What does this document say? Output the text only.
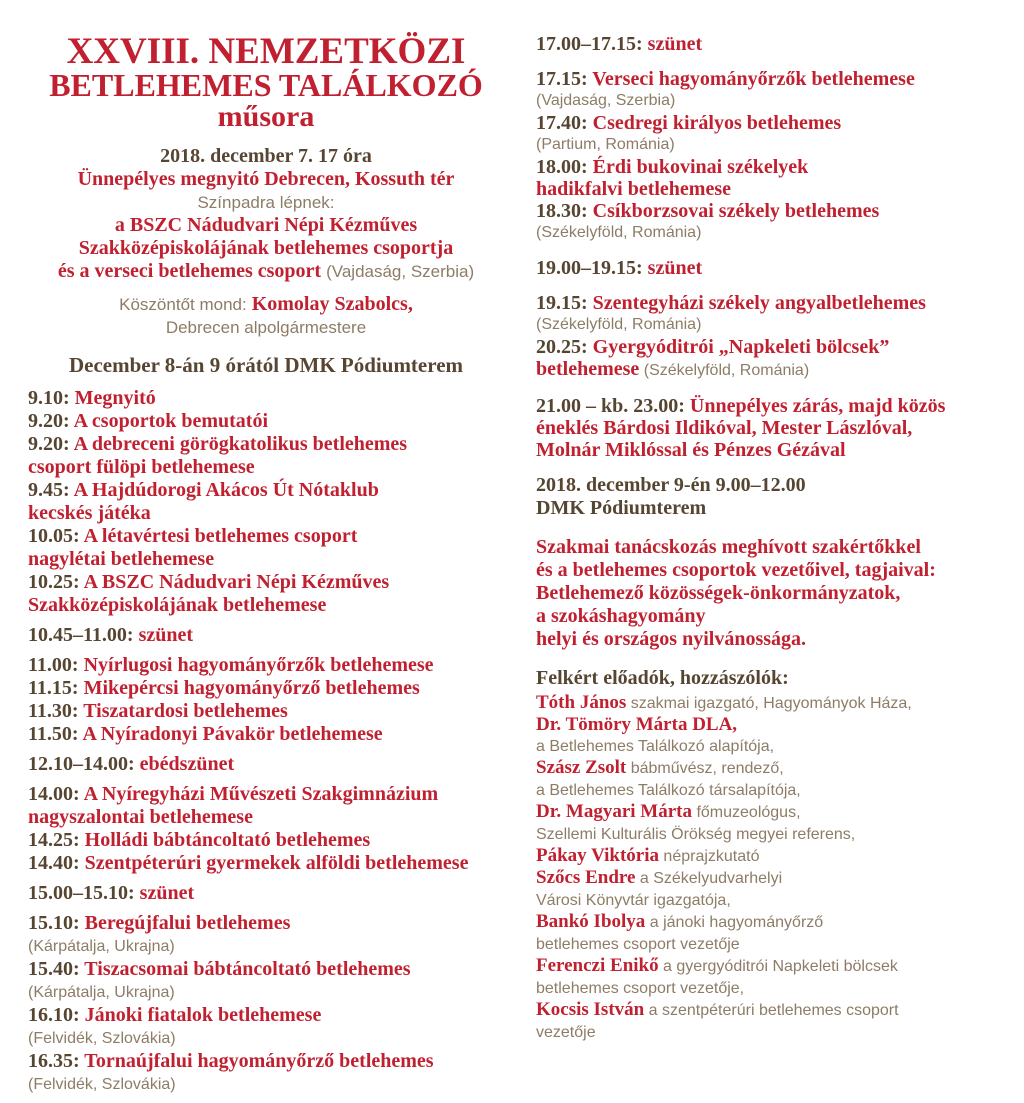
XXVIII. NEMZETKÖZI
BETLEHEMES TALÁLKOZÓ
műsora

2018. december 7. 17 óra

Ünnepélyes megnyitó Debrecen, Kossuth tér

Színpadra lépnek:

a BSZC Nádudvari Népi Kézműves

Szakközépiskolájának betlehemes csoportja

és a verseci betlehemes csoport (Vajdaság, Szerbia)

Köszöntőt mond: Komolay Szabolcs,

Debrecen alpolgármestere

December 8-án 9 órától DMK Pódiumterem

9.10: Megnyitó

9.20: A csoportok bemutatói

9.20: A debreceni görögkatolikus betlehemes
csoport fülöpi betlehemese

9.45: A Hajdúdorogi Akácos Út Nótaklub
kecskés játéka

10.05: A létavértesi betlehemes csoport
nagylétai betlehemese

10.25: A BSZC Nádudvari Népi Kézműves
Szakközépiskolájának betlehemese

10.45–11.00: szünet

11.00: Nyírlugosi hagyományőrzők betlehemese

11.15: Mikepércsi hagyományőrző betlehemes

11.30: Tiszatardosi betlehemes

11.50: A Nyíradonyi Pávakör betlehemese

12.10–14.00: ebédszünet

14.00: A Nyíregyházi Művészeti Szakgimnázium
nagyszalontai betlehemese

14.25: Holládi bábtáncoltató betlehemes

14.40: Szentpéterúri gyermekek alföldi betlehemese

15.00–15.10: szünet

15.10: Beregújfalui betlehemes

(Kárpátalja, Ukrajna)

15.40: Tiszacsomai bábtáncoltató betlehemes

(Kárpátalja, Ukrajna)

16.10: Jánoki fiatalok betlehemese

(Felvidék, Szlovákia)

16.35: Tornaújfalui hagyományőrző betlehemes

(Felvidék, Szlovákia)

17.00–17.15: szünet

17.15: Verseci hagyományőrzők betlehemese

(Vajdaság, Szerbia)

17.40: Csedregi királyos betlehemes

(Partium, Románia)

18.00: Érdi bukovinai székelyek
hadikfalvi betlehemese

18.30: Csíkborzsovai székely betlehemes

(Székelyföld, Románia)

19.00–19.15: szünet

19.15: Szentegyházi székely angyalbetlehemes

(Székelyföld, Románia)

20.25: Gyergyóditrói „Napkeleti bölcsek”
betlehemese (Székelyföld, Románia)

21.00 – kb. 23.00: Ünnepélyes zárás, majd közös
éneklés Bárdosi Ildikóval, Mester Lászlóval,
Molnár Miklóssal és Pénzes Gézával

2018. december 9-én 9.00–12.00
DMK Pódiumterem

Szakmai tanácskozás meghívott szakértőkkel
és a betlehemes csoportok vezetőivel, tagjaival:
Betlehemező közösségek-önkormányzatok,
a szokáshagyomány
helyi és országos nyilvánossága.

Felkért előadók, hozzászólók:

Tóth János szakmai igazgató, Hagyományok Háza,

Dr. Tömöry Márta DLA,
a Betlehemes Találkozó alapítója,

Szász Zsolt bábművész, rendező,
a Betlehemes Találkozó társalapítója,

Dr. Magyari Márta főmuzeológus,
Szellemi Kulturális Örökség megyei referens,

Pákay Viktória néprajzkutató

Szőcs Endre a Székelyudvarhelyi
Városi Könyvtár igazgatója,

Bankó Ibolya a jánoki hagyományőrző
betlehemes csoport vezetője

Ferenczi Enikő a gyergyóditrói Napkeleti bölcsek
betlehemes csoport vezetője,

Kocsis István a szentpéterúri betlehemes csoport
vezetője
